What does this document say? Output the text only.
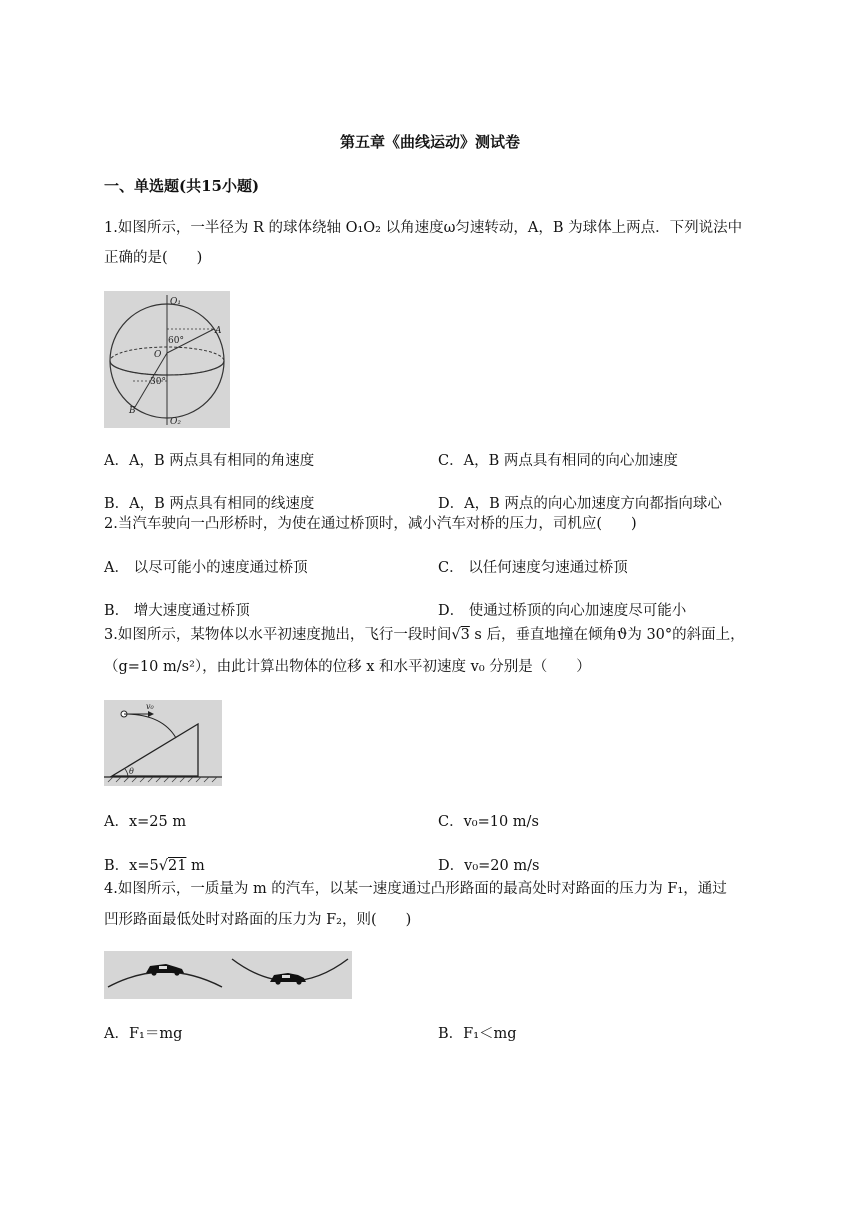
第五章《曲线运动》测试卷
一、单选题(共15小题)
1.如图所示，一半径为 R 的球体绕轴 O₁O₂ 以角速度ω匀速转动，A，B 为球体上两点．下列说法中
正确的是(　　)
O₁
O₂
O
A
B
60°
30°
A．A，B 两点具有相同的角速度	C．A，B 两点具有相同的向心加速度
B．A，B 两点具有相同的线速度	D．A，B 两点的向心加速度方向都指向球心
2.当汽车驶向一凸形桥时，为使在通过桥顶时，减小汽车对桥的压力，司机应(　　)
A． 以尽可能小的速度通过桥顶	C． 以任何速度匀速通过桥顶
B． 增大速度通过桥顶	D． 使通过桥顶的向心加速度尽可能小
3.如图所示，某物体以水平初速度抛出，飞行一段时间√3 s 后，垂直地撞在倾角ϑ为 30°的斜面上，
（g=10 m/s²），由此计算出物体的位移 x 和水平初速度 v₀ 分别是（　　）
v₀
θ
A．x=25 m	C．v₀=10 m/s
B．x=5√21 m	D．v₀=20 m/s
4.如图所示，一质量为 m 的汽车，以某一速度通过凸形路面的最高处时对路面的压力为 F₁，通过
凹形路面最低处时对路面的压力为 F₂，则(　　)
A．F₁＝mg	B．F₁＜mg
